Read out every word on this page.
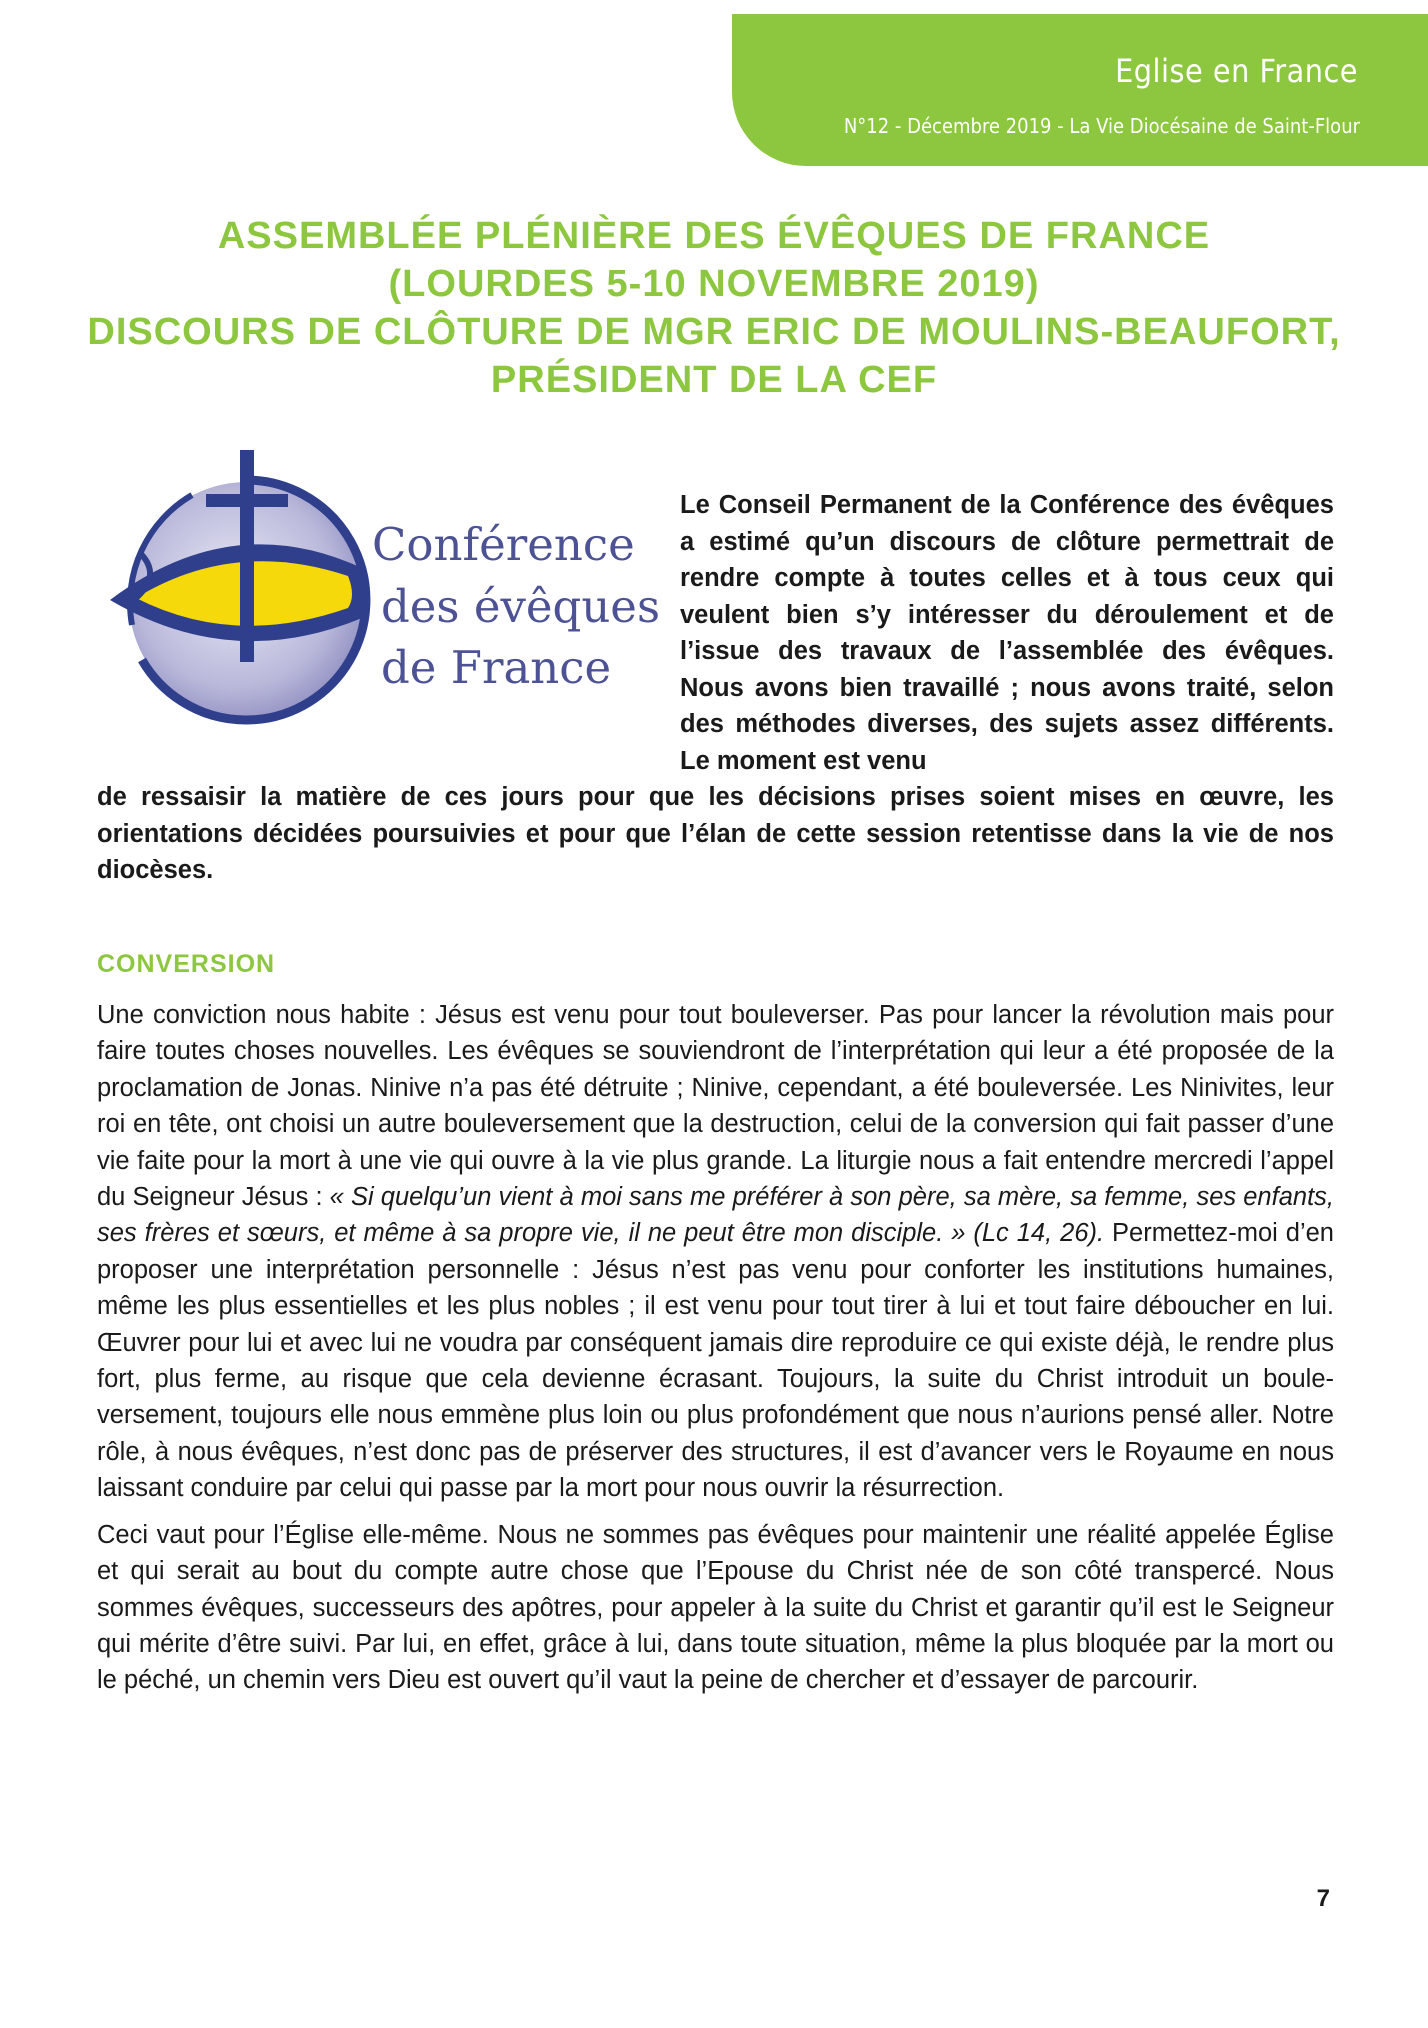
Eglise en France
N°12 - Décembre 2019 - La Vie Diocésaine de Saint-Flour
ASSEMBLÉE PLÉNIÈRE DES ÉVÊQUES DE FRANCE
(LOURDES 5-10 NOVEMBRE 2019)
DISCOURS DE CLÔTURE DE MGR ERIC DE MOULINS-BEAUFORT,
PRÉSIDENT DE LA CEF
Conférence
des évêques
de France
Le Conseil Permanent de la Conférence des évêques a estimé qu’un discours de clôture permettrait de rendre compte à toutes celles et à tous ceux qui veulent bien s’y intéresser du déroulement et de l’issue des travaux de l’assemblée des évêques. Nous avons bien travaillé ; nous avons traité, selon des méthodes diverses, des sujets assez différents. Le moment est venu
de ressaisir la matière de ces jours pour que les décisions prises soient mises en œuvre, les orientations décidées poursuivies et pour que l’élan de cette session retentisse dans la vie de nos diocèses.
CONVERSION

Une conviction nous habite : Jésus est venu pour tout bouleverser. Pas pour lancer la révolution mais pour faire toutes choses nouvelles. Les évêques se souviendront de l’interprétation qui leur a été proposée de la proclamation de Jonas. Ninive n’a pas été détruite ; Ninive, cependant, a été bouleversée. Les Ninivites, leur roi en tête, ont choisi un autre bouleversement que la destruction, celui de la conversion qui fait passer d’une vie faite pour la mort à une vie qui ouvre à la vie plus grande. La liturgie nous a fait entendre mercredi l’appel du Seigneur Jésus : « Si quelqu’un vient à moi sans me préférer à son père, sa mère, sa femme, ses enfants, ses frères et sœurs, et même à sa propre vie, il ne peut être mon disciple. » (Lc 14, 26). Permettez-moi d’en proposer une interprétation personnelle : Jésus n’est pas venu pour conforter les institutions humaines, même les plus essentielles et les plus nobles ; il est venu pour tout tirer à lui et tout faire déboucher en lui. Œuvrer pour lui et avec lui ne voudra par conséquent jamais dire reproduire ce qui existe déjà, le rendre plus fort, plus ferme, au risque que cela devienne écrasant. Toujours, la suite du Christ introduit un bouleversement, toujours elle nous emmène plus loin ou plus profondément que nous n’aurions pensé aller. Notre rôle, à nous évêques, n’est donc pas de préserver des structures, il est d’avancer vers le Royaume en nous laissant conduire par celui qui passe par la mort pour nous ouvrir la résurrection.

Ceci vaut pour l’Église elle-même. Nous ne sommes pas évêques pour maintenir une réalité appelée Église et qui serait au bout du compte autre chose que l’Epouse du Christ née de son côté transpercé. Nous sommes évêques, successeurs des apôtres, pour appeler à la suite du Christ et garantir qu’il est le Seigneur qui mérite d’être suivi. Par lui, en effet, grâce à lui, dans toute situation, même la plus bloquée par la mort ou le péché, un chemin vers Dieu est ouvert qu’il vaut la peine de chercher et d’essayer de parcourir.

7
